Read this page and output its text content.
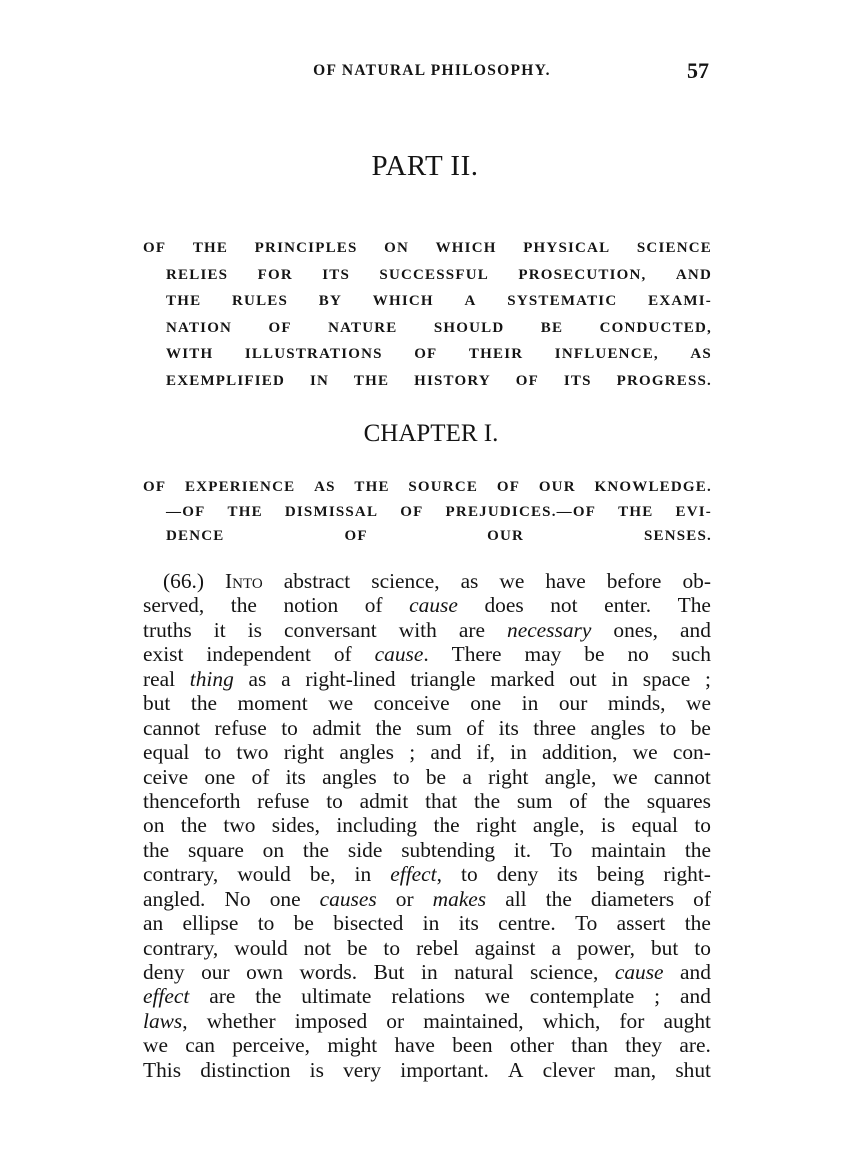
OF NATURAL PHILOSOPHY.	57
PART II.
OF THE PRINCIPLES ON WHICH PHYSICAL SCIENCE
RELIES FOR ITS SUCCESSFUL PROSECUTION, AND
THE RULES BY WHICH A SYSTEMATIC EXAMI-
NATION OF NATURE SHOULD BE CONDUCTED,
WITH ILLUSTRATIONS OF THEIR INFLUENCE, AS
EXEMPLIFIED IN THE HISTORY OF ITS PROGRESS.
CHAPTER I.
OF EXPERIENCE AS THE SOURCE OF OUR KNOWLEDGE.
—OF THE DISMISSAL OF PREJUDICES.—OF THE EVI-
DENCE OF OUR SENSES.
(66.) Into abstract science, as we have before ob-
served, the notion of cause does not enter. The
truths it is conversant with are necessary ones, and
exist independent of cause. There may be no such
real thing as a right-lined triangle marked out in space ;
but the moment we conceive one in our minds, we
cannot refuse to admit the sum of its three angles to be
equal to two right angles ; and if, in addition, we con-
ceive one of its angles to be a right angle, we cannot
thenceforth refuse to admit that the sum of the squares
on the two sides, including the right angle, is equal to
the square on the side subtending it. To maintain the
contrary, would be, in effect, to deny its being right-
angled. No one causes or makes all the diameters of
an ellipse to be bisected in its centre. To assert the
contrary, would not be to rebel against a power, but to
deny our own words. But in natural science, cause and
effect are the ultimate relations we contemplate ; and
laws, whether imposed or maintained, which, for aught
we can perceive, might have been other than they are.
This distinction is very important. A clever man, shut
